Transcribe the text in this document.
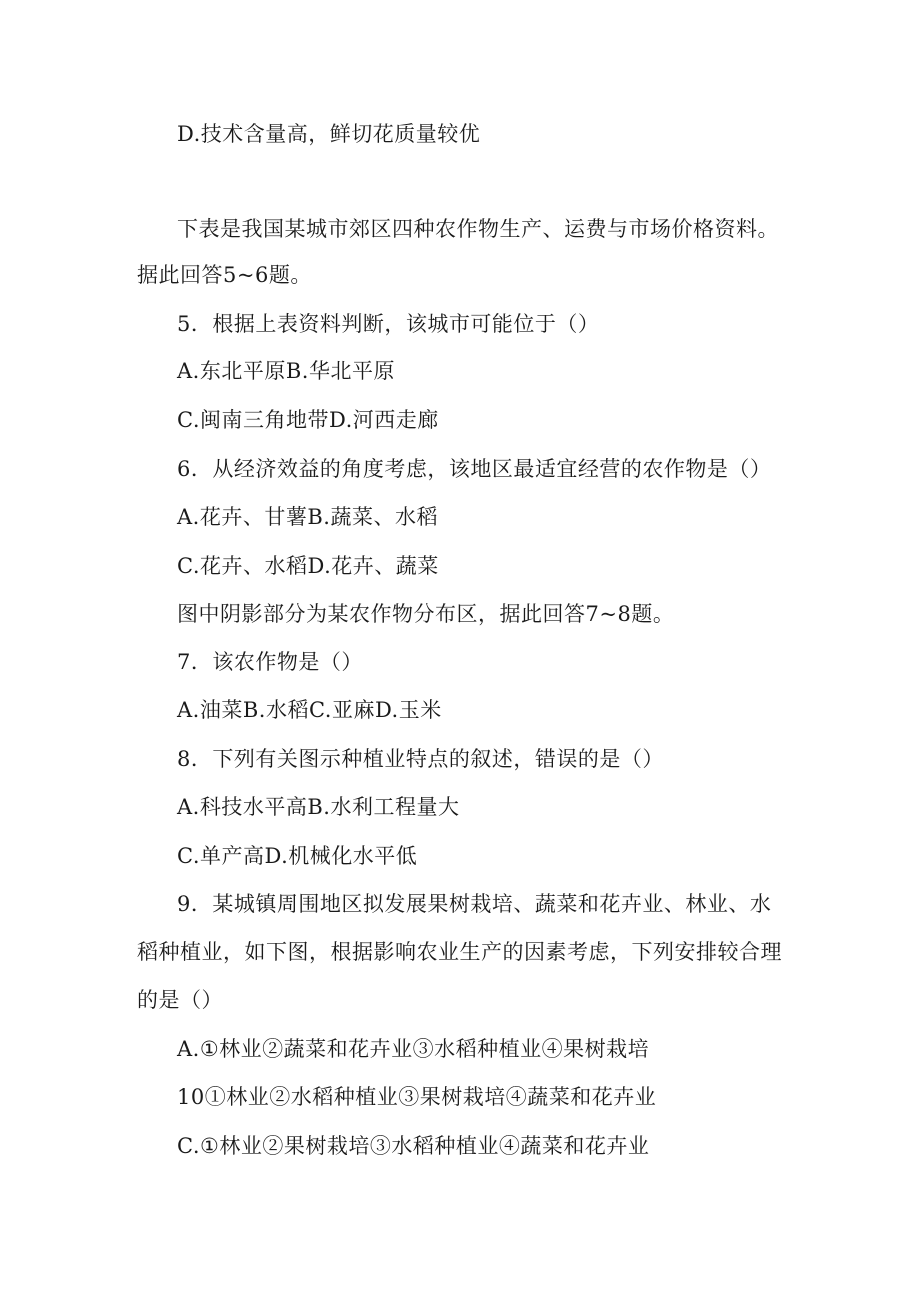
D.技术含量高，鲜切花质量较优
下表是我国某城市郊区四种农作物生产、运费与市场价格资料。
据此回答5~6题。
5．根据上表资料判断，该城市可能位于（）
A.东北平原B.华北平原
C.闽南三角地带D.河西走廊
6．从经济效益的角度考虑，该地区最适宜经营的农作物是（）
A.花卉、甘薯B.蔬菜、水稻
C.花卉、水稻D.花卉、蔬菜
图中阴影部分为某农作物分布区，据此回答7~8题。
7．该农作物是（）
A.油菜B.水稻C.亚麻D.玉米
8．下列有关图示种植业特点的叙述，错误的是（）
A.科技水平高B.水利工程量大
C.单产高D.机械化水平低
9．某城镇周围地区拟发展果树栽培、蔬菜和花卉业、林业、水
稻种植业，如下图，根据影响农业生产的因素考虑，下列安排较合理
的是（）
A.①林业②蔬菜和花卉业③水稻种植业④果树栽培
10①林业②水稻种植业③果树栽培④蔬菜和花卉业
C.①林业②果树栽培③水稻种植业④蔬菜和花卉业
